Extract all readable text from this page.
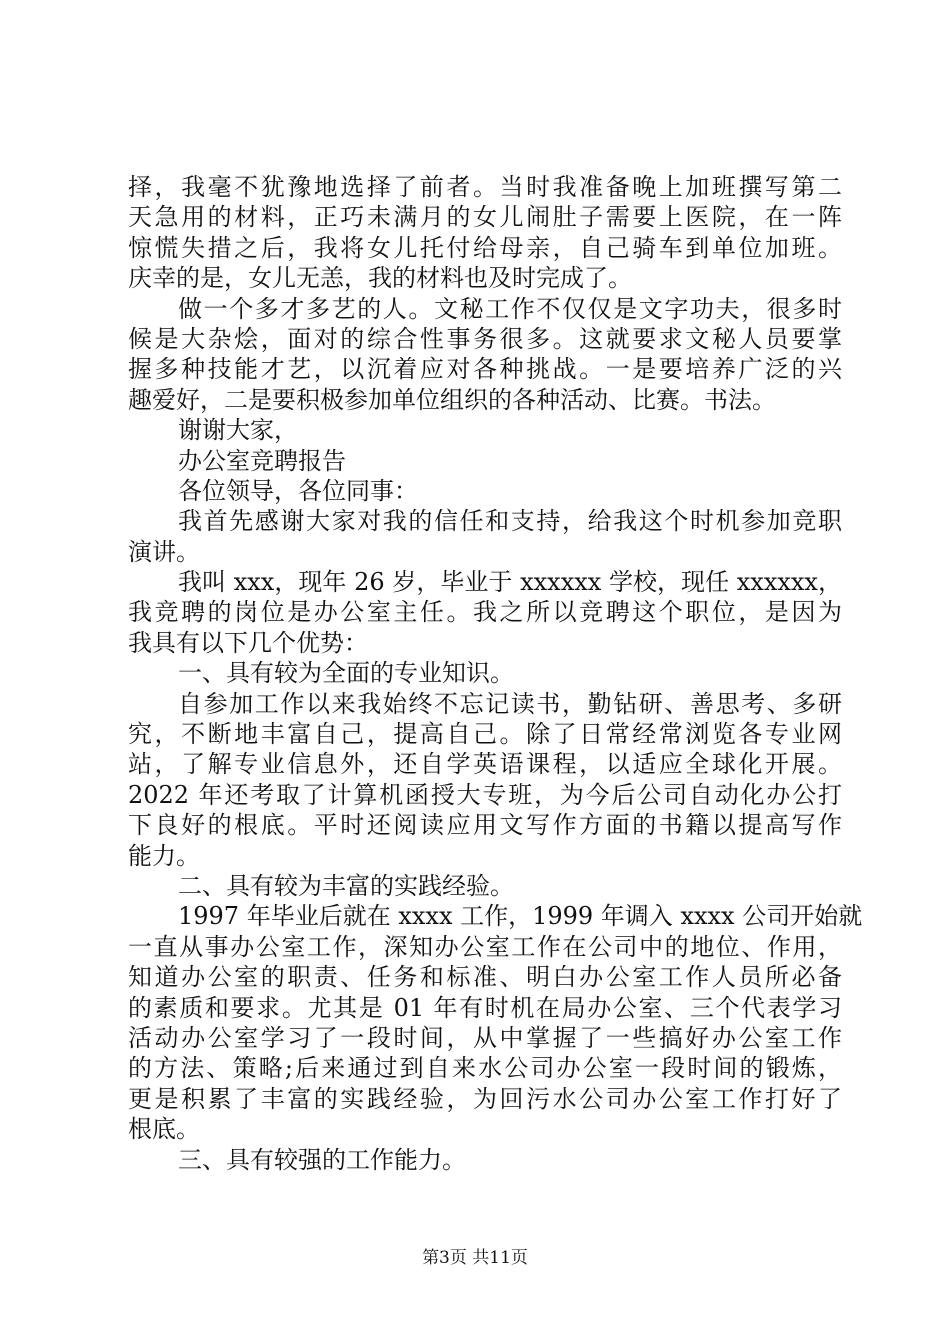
择，我毫不犹豫地选择了前者。当时我准备晚上加班撰写第二
天急用的材料，正巧未满月的女儿闹肚子需要上医院，在一阵
惊慌失措之后，我将女儿托付给母亲，自己骑车到单位加班。
庆幸的是，女儿无恙，我的材料也及时完成了。
做一个多才多艺的人。文秘工作不仅仅是文字功夫，很多时
候是大杂烩，面对的综合性事务很多。这就要求文秘人员要掌
握多种技能才艺，以沉着应对各种挑战。一是要培养广泛的兴
趣爱好，二是要积极参加单位组织的各种活动、比赛。书法。
谢谢大家，
办公室竞聘报告
各位领导，各位同事：
我首先感谢大家对我的信任和支持，给我这个时机参加竞职
演讲。
我叫 xxx，现年 26 岁，毕业于 xxxxxx 学校，现任 xxxxxx，
我竞聘的岗位是办公室主任。我之所以竞聘这个职位，是因为
我具有以下几个优势：
一、具有较为全面的专业知识。
自参加工作以来我始终不忘记读书，勤钻研、善思考、多研
究，不断地丰富自己，提高自己。除了日常经常浏览各专业网
站，了解专业信息外，还自学英语课程，以适应全球化开展。
2022 年还考取了计算机函授大专班，为今后公司自动化办公打
下良好的根底。平时还阅读应用文写作方面的书籍以提高写作
能力。
二、具有较为丰富的实践经验。
1997 年毕业后就在 xxxx 工作，1999 年调入 xxxx 公司开始就
一直从事办公室工作，深知办公室工作在公司中的地位、作用，
知道办公室的职责、任务和标准、明白办公室工作人员所必备
的素质和要求。尤其是 01 年有时机在局办公室、三个代表学习
活动办公室学习了一段时间，从中掌握了一些搞好办公室工作
的方法、策略;后来通过到自来水公司办公室一段时间的锻炼，
更是积累了丰富的实践经验，为回污水公司办公室工作打好了
根底。
三、具有较强的工作能力。
第3页 共11页
